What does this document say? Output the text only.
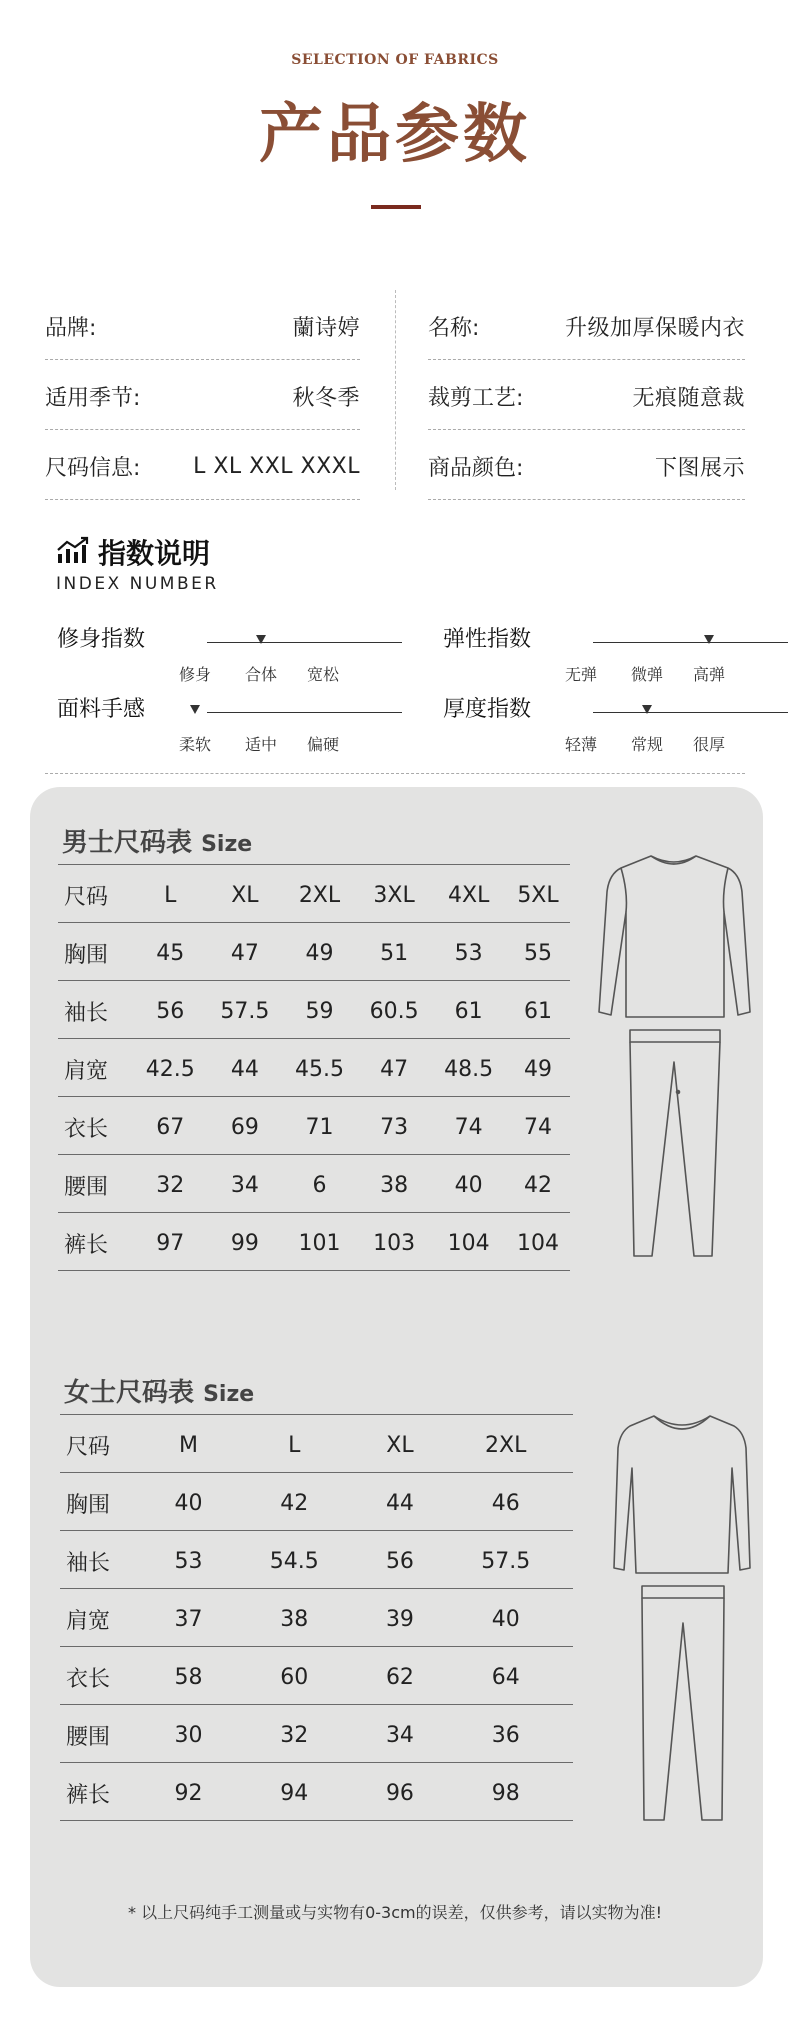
SELECTION OF FABRICS
产品参数
品牌:	蘭诗婷
适用季节:	秋冬季
尺码信息: L XL XXL XXXL
名称:	升级加厚保暖内衣
裁剪工艺:	无痕随意裁
商品颜色:	下图展示
指数说明
INDEX NUMBER
修身指数
修身	合体	宽松
弹性指数
无弹	微弹	高弹
面料手感
柔软	适中	偏硬
厚度指数
轻薄	常规	很厚
男士尺码表 Size
尺码	L	XL	2XL	3XL	4XL	5XL
胸围	45	47	49	51	53	55
袖长	56	57.5	59	60.5	61	61
肩宽	42.5	44	45.5	47	48.5	49
衣长	67	69	71	73	74	74
腰围	32	34	6	38	40	42
裤长	97	99	101	103	104	104
女士尺码表 Size
尺码	M	L	XL	2XL
胸围	40	42	44	46
袖长	53	54.5	56	57.5
肩宽	37	38	39	40
衣长	58	60	62	64
腰围	30	32	34	36
裤长	92	94	96	98
* 以上尺码纯手工测量或与实物有0-3cm的误差，仅供参考，请以实物为准!
